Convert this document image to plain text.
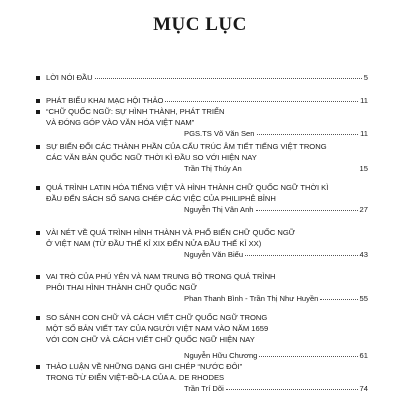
MỤC LỤC
LỜI NÓI ĐẦU	5
PHÁT BIỂU KHAI MẠC HỘI THẢO	11
“CHỮ QUỐC NGỮ: SỰ HÌNH THÀNH, PHÁT TRIỂN
VÀ ĐÓNG GÓP VÀO VĂN HÓA VIỆT NAM”
PGS.TS Võ Văn Sen	11
SỰ BIẾN ĐỔI CÁC THÀNH PHẦN CỦA CẤU TRÚC ÂM TIẾT TIẾNG VIỆT TRONG
CÁC VĂN BẢN QUỐC NGỮ THỜI KÌ ĐẦU SO VỚI HIỆN NAY
Trần Thị Thúy An	15
QUÁ TRÌNH LATIN HÓA TIẾNG VIỆT VÀ HÌNH THÀNH CHỮ QUỐC NGỮ THỜI KÌ
ĐẦU ĐẾN SÁCH SỐ SANG CHÉP CÁC VIỆC CỦA PHILIPHÊ BỈNH
Nguyễn Thị Vân Anh	27
VÀI NÉT VỀ QUÁ TRÌNH HÌNH THÀNH VÀ PHỔ BIẾN CHỮ QUỐC NGỮ
Ở VIỆT NAM (TỪ ĐẦU THẾ KỈ XIX ĐẾN NỬA ĐẦU THẾ KỈ XX)
Nguyễn Văn Biểu	43
VAI TRÒ CỦA PHÚ YÊN VÀ NAM TRUNG BỘ TRONG QUÁ TRÌNH
PHÔI THAI HÌNH THÀNH CHỮ QUỐC NGỮ
Phan Thanh Bình - Trần Thị Như Huyền	55
SO SÁNH CON CHỮ VÀ CÁCH VIẾT CHỮ QUỐC NGỮ TRONG
MỘT SỐ BẢN VIẾT TAY CỦA NGƯỜI VIỆT NAM VÀO NĂM 1659
VỚI CON CHỮ VÀ CÁCH VIẾT CHỮ QUỐC NGỮ HIỆN NAY
Nguyễn Hữu Chương	61
THẢO LUẬN VỀ NHỮNG DẠNG GHI CHÉP “NƯỚC ĐÔI”
TRONG TỪ ĐIỂN VIỆT-BỒ-LA CỦA A. DE RHODES
Trần Trí Dõi	74
